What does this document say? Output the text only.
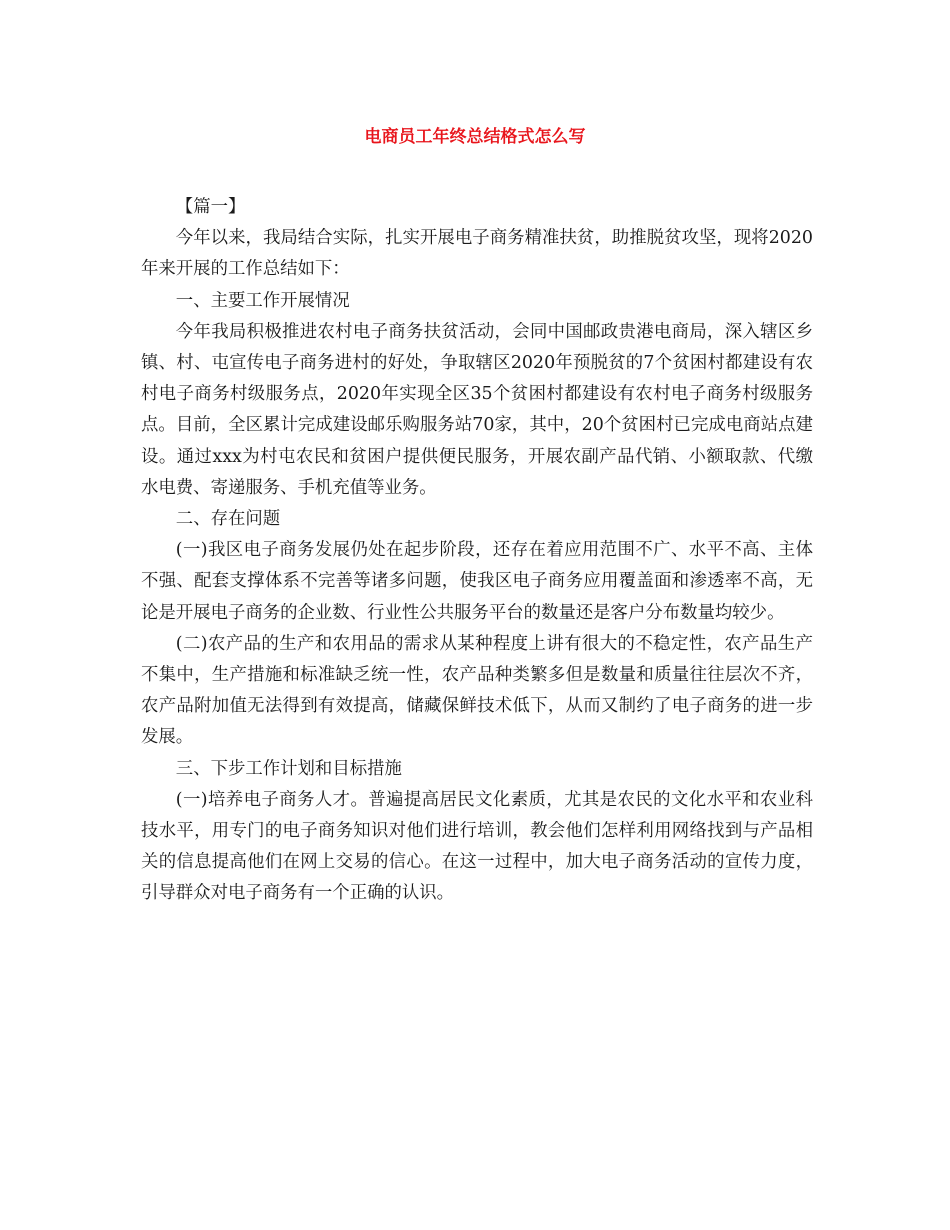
电商员工年终总结格式怎么写

【篇一】

今年以来，我局结合实际，扎实开展电子商务精准扶贫，助推脱贫攻坚，现将2020年来开展的工作总结如下：

一、主要工作开展情况

今年我局积极推进农村电子商务扶贫活动，会同中国邮政贵港电商局，深入辖区乡镇、村、屯宣传电子商务进村的好处，争取辖区2020年预脱贫的7个贫困村都建设有农村电子商务村级服务点，2020年实现全区35个贫困村都建设有农村电子商务村级服务点。目前，全区累计完成建设邮乐购服务站70家，其中，20个贫困村已完成电商站点建设。通过xxx为村屯农民和贫困户提供便民服务，开展农副产品代销、小额取款、代缴水电费、寄递服务、手机充值等业务。

二、存在问题

(一)我区电子商务发展仍处在起步阶段，还存在着应用范围不广、水平不高、主体不强、配套支撑体系不完善等诸多问题，使我区电子商务应用覆盖面和渗透率不高，无论是开展电子商务的企业数、行业性公共服务平台的数量还是客户分布数量均较少。

(二)农产品的生产和农用品的需求从某种程度上讲有很大的不稳定性，农产品生产不集中，生产措施和标准缺乏统一性，农产品种类繁多但是数量和质量往往层次不齐，农产品附加值无法得到有效提高，储藏保鲜技术低下，从而又制约了电子商务的进一步发展。

三、下步工作计划和目标措施

(一)培养电子商务人才。普遍提高居民文化素质，尤其是农民的文化水平和农业科技水平，用专门的电子商务知识对他们进行培训，教会他们怎样利用网络找到与产品相关的信息提高他们在网上交易的信心。在这一过程中，加大电子商务活动的宣传力度，引导群众对电子商务有一个正确的认识。
